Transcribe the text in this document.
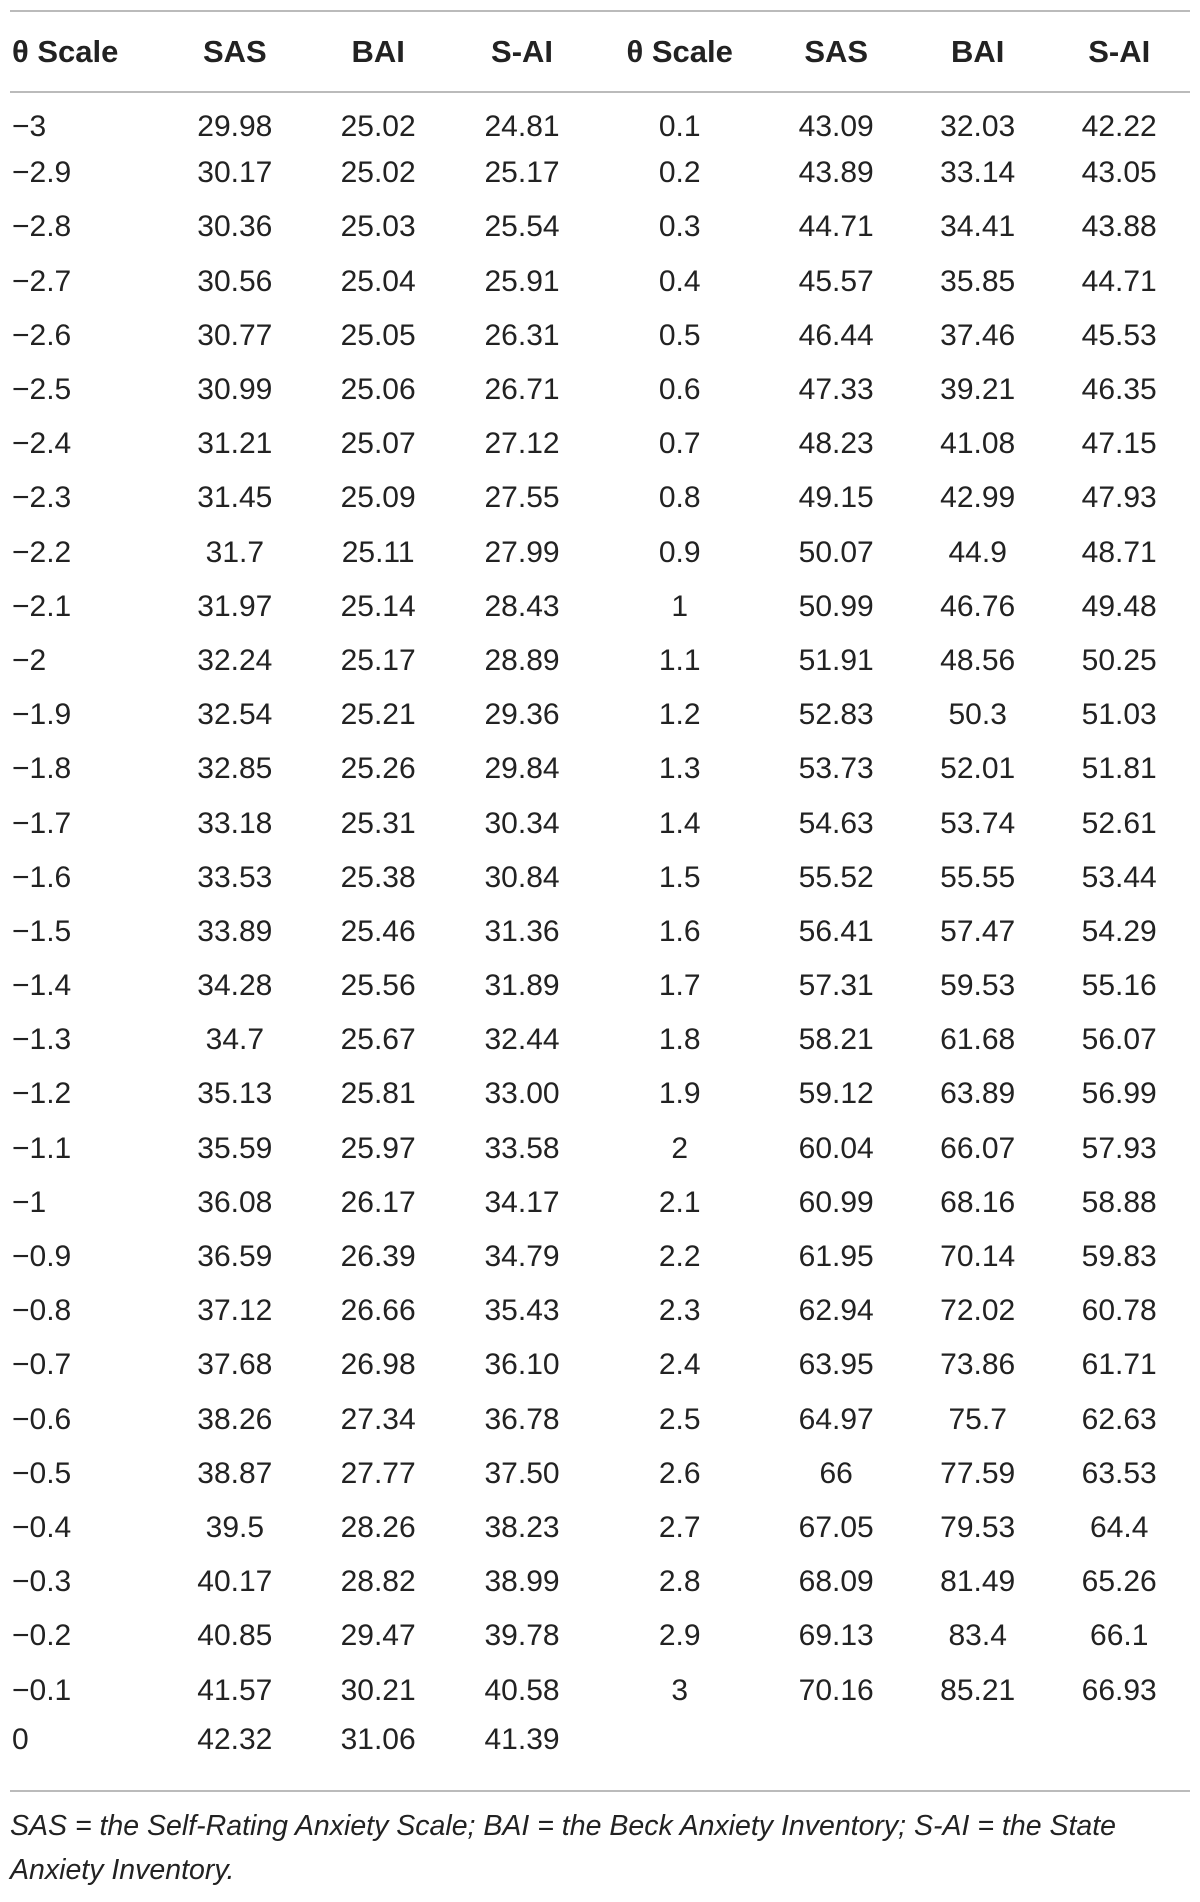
θ Scale	SAS	BAI	S-AI	θ Scale	SAS	BAI	S-AI
−3	29.98	25.02	24.81	0.1	43.09	32.03	42.22
−2.9	30.17	25.02	25.17	0.2	43.89	33.14	43.05
−2.8	30.36	25.03	25.54	0.3	44.71	34.41	43.88
−2.7	30.56	25.04	25.91	0.4	45.57	35.85	44.71
−2.6	30.77	25.05	26.31	0.5	46.44	37.46	45.53
−2.5	30.99	25.06	26.71	0.6	47.33	39.21	46.35
−2.4	31.21	25.07	27.12	0.7	48.23	41.08	47.15
−2.3	31.45	25.09	27.55	0.8	49.15	42.99	47.93
−2.2	31.7	25.11	27.99	0.9	50.07	44.9	48.71
−2.1	31.97	25.14	28.43	1	50.99	46.76	49.48
−2	32.24	25.17	28.89	1.1	51.91	48.56	50.25
−1.9	32.54	25.21	29.36	1.2	52.83	50.3	51.03
−1.8	32.85	25.26	29.84	1.3	53.73	52.01	51.81
−1.7	33.18	25.31	30.34	1.4	54.63	53.74	52.61
−1.6	33.53	25.38	30.84	1.5	55.52	55.55	53.44
−1.5	33.89	25.46	31.36	1.6	56.41	57.47	54.29
−1.4	34.28	25.56	31.89	1.7	57.31	59.53	55.16
−1.3	34.7	25.67	32.44	1.8	58.21	61.68	56.07
−1.2	35.13	25.81	33.00	1.9	59.12	63.89	56.99
−1.1	35.59	25.97	33.58	2	60.04	66.07	57.93
−1	36.08	26.17	34.17	2.1	60.99	68.16	58.88
−0.9	36.59	26.39	34.79	2.2	61.95	70.14	59.83
−0.8	37.12	26.66	35.43	2.3	62.94	72.02	60.78
−0.7	37.68	26.98	36.10	2.4	63.95	73.86	61.71
−0.6	38.26	27.34	36.78	2.5	64.97	75.7	62.63
−0.5	38.87	27.77	37.50	2.6	66	77.59	63.53
−0.4	39.5	28.26	38.23	2.7	67.05	79.53	64.4
−0.3	40.17	28.82	38.99	2.8	68.09	81.49	65.26
−0.2	40.85	29.47	39.78	2.9	69.13	83.4	66.1
−0.1	41.57	30.21	40.58	3	70.16	85.21	66.93
0	42.32	31.06	41.39				
SAS = the Self-Rating Anxiety Scale; BAI = the Beck Anxiety Inventory; S-AI = the State Anxiety Inventory.
